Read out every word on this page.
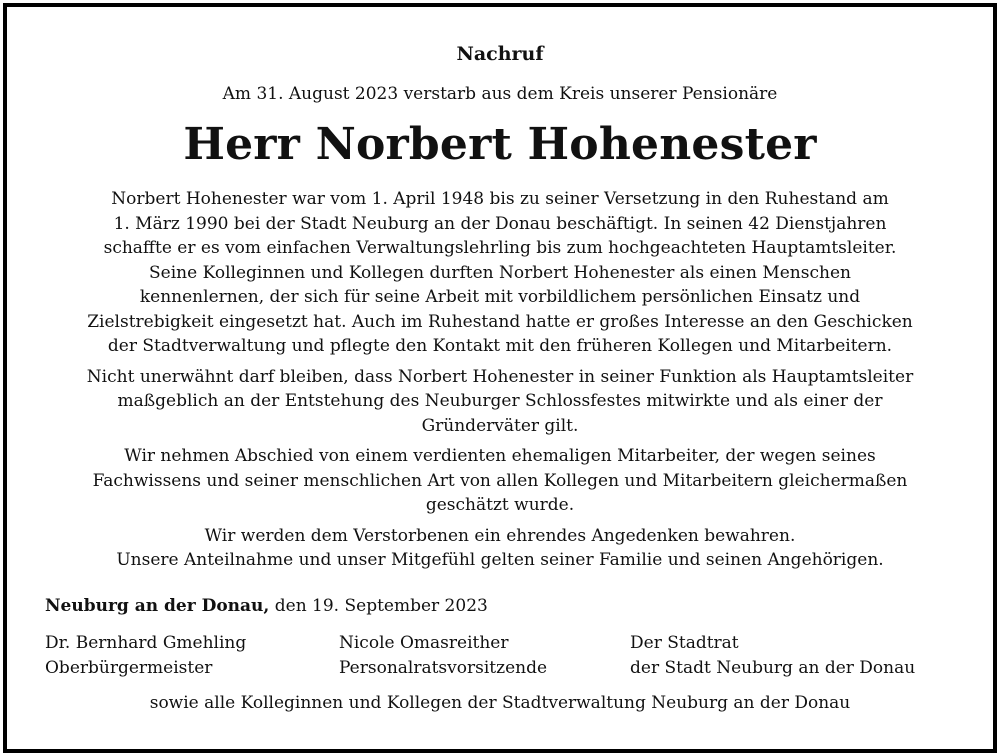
Nachruf
Am 31. August 2023 verstarb aus dem Kreis unserer Pensionäre
Herr Norbert Hohenester

Norbert Hohenester war vom 1. April 1948 bis zu seiner Versetzung in den Ruhestand am
1. März 1990 bei der Stadt Neuburg an der Donau beschäftigt. In seinen 42 Dienstjahren
schaffte er es vom einfachen Verwaltungslehrling bis zum hochgeachteten Hauptamtsleiter.
Seine Kolleginnen und Kollegen durften Norbert Hohenester als einen Menschen
kennenlernen, der sich für seine Arbeit mit vorbildlichem persönlichen Einsatz und
Zielstrebigkeit eingesetzt hat. Auch im Ruhestand hatte er großes Interesse an den Geschicken
der Stadtverwaltung und pflegte den Kontakt mit den früheren Kollegen und Mitarbeitern.

Nicht unerwähnt darf bleiben, dass Norbert Hohenester in seiner Funktion als Hauptamtsleiter
maßgeblich an der Entstehung des Neuburger Schlossfestes mitwirkte und als einer der
Gründerväter gilt.

Wir nehmen Abschied von einem verdienten ehemaligen Mitarbeiter, der wegen seines
Fachwissens und seiner menschlichen Art von allen Kollegen und Mitarbeitern gleichermaßen
geschätzt wurde.

Wir werden dem Verstorbenen ein ehrendes Angedenken bewahren.
Unsere Anteilnahme und unser Mitgefühl gelten seiner Familie und seinen Angehörigen.

Neuburg an der Donau, den 19. September 2023
Dr. Bernhard Gmehling
Oberbürgermeister
Nicole Omasreither
Personalratsvorsitzende
Der Stadtrat
der Stadt Neuburg an der Donau
sowie alle Kolleginnen und Kollegen der Stadtverwaltung Neuburg an der Donau
